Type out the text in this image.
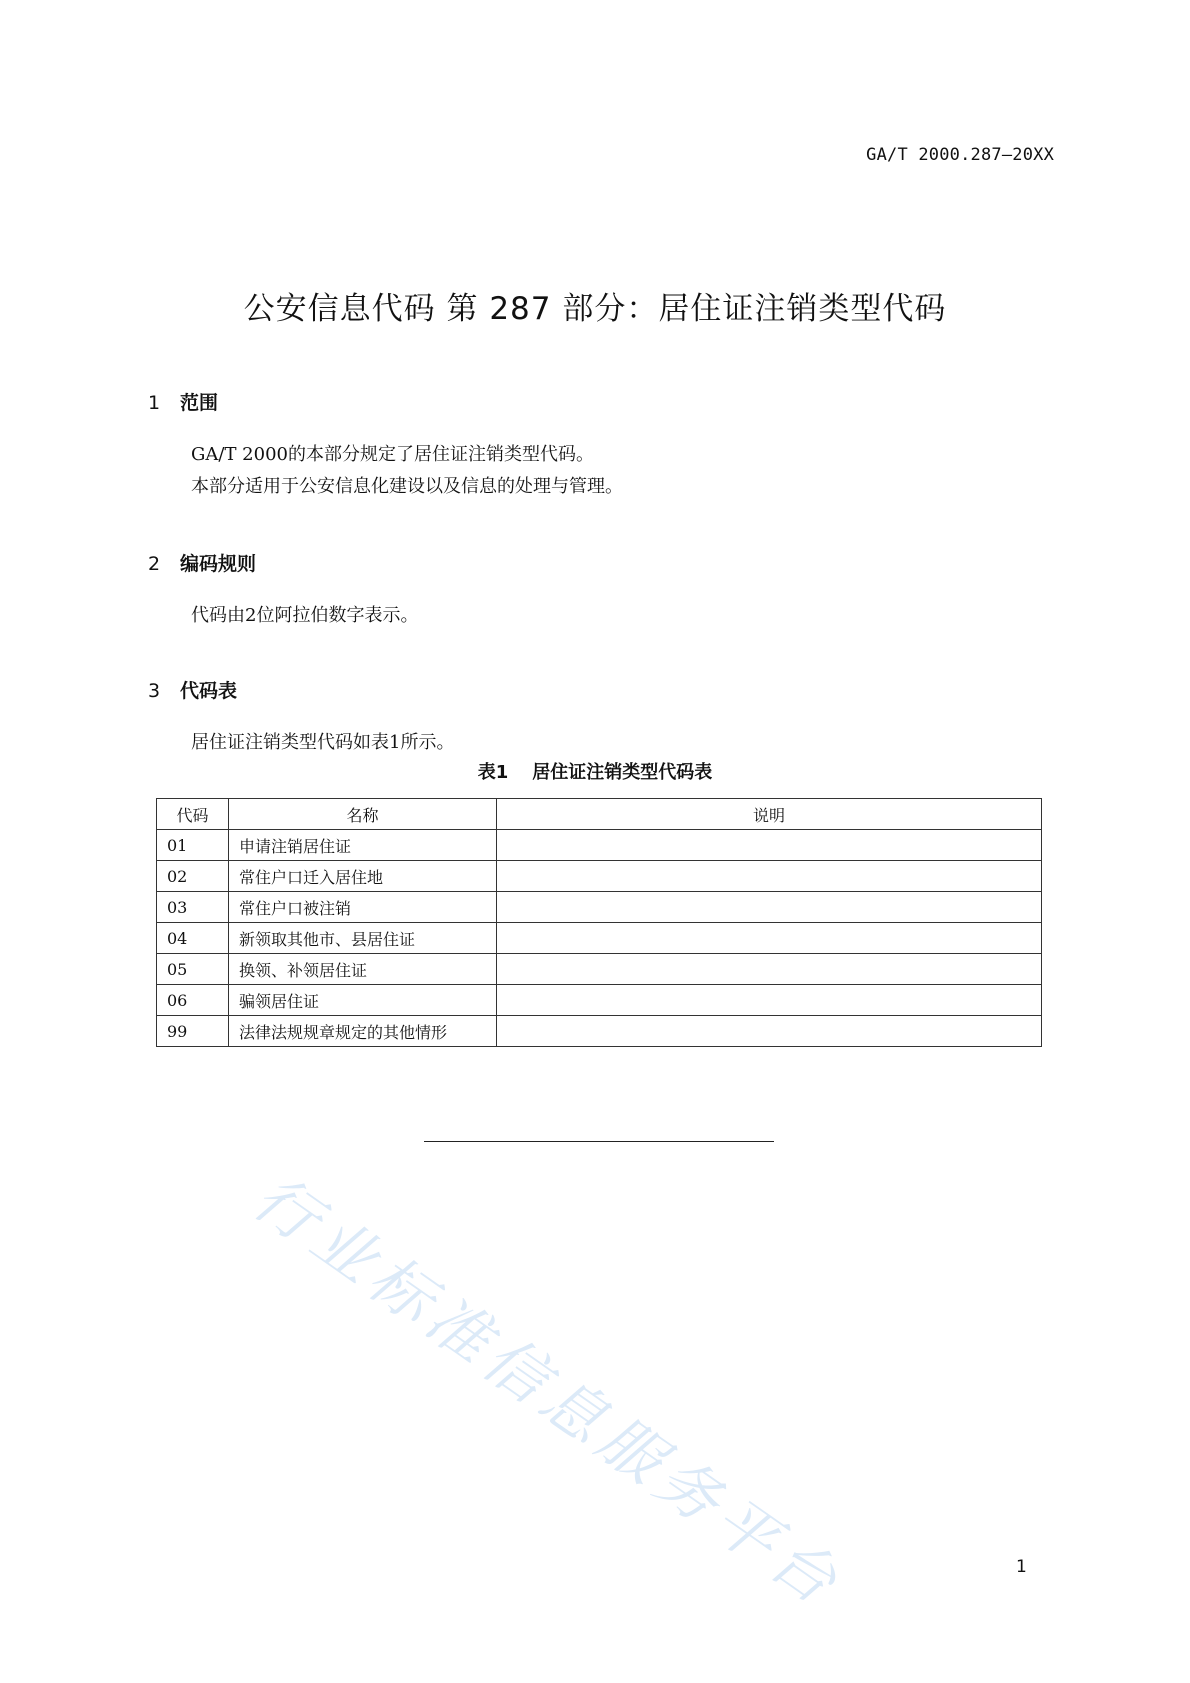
GA/T 2000.287—20XX
公安信息代码 第 287 部分：居住证注销类型代码
1 范围
GA/T 2000的本部分规定了居住证注销类型代码。
本部分适用于公安信息化建设以及信息的处理与管理。
2 编码规则
代码由2位阿拉伯数字表示。
3 代码表
居住证注销类型代码如表1所示。
表1 居住证注销类型代码表
代码	名称	说明
01	申请注销居住证	
02	常住户口迁入居住地	
03	常住户口被注销	
04	新领取其他市、县居住证	
05	换领、补领居住证	
06	骗领居住证	
99	法律法规规章规定的其他情形	
行业标准信息服务平台	1
